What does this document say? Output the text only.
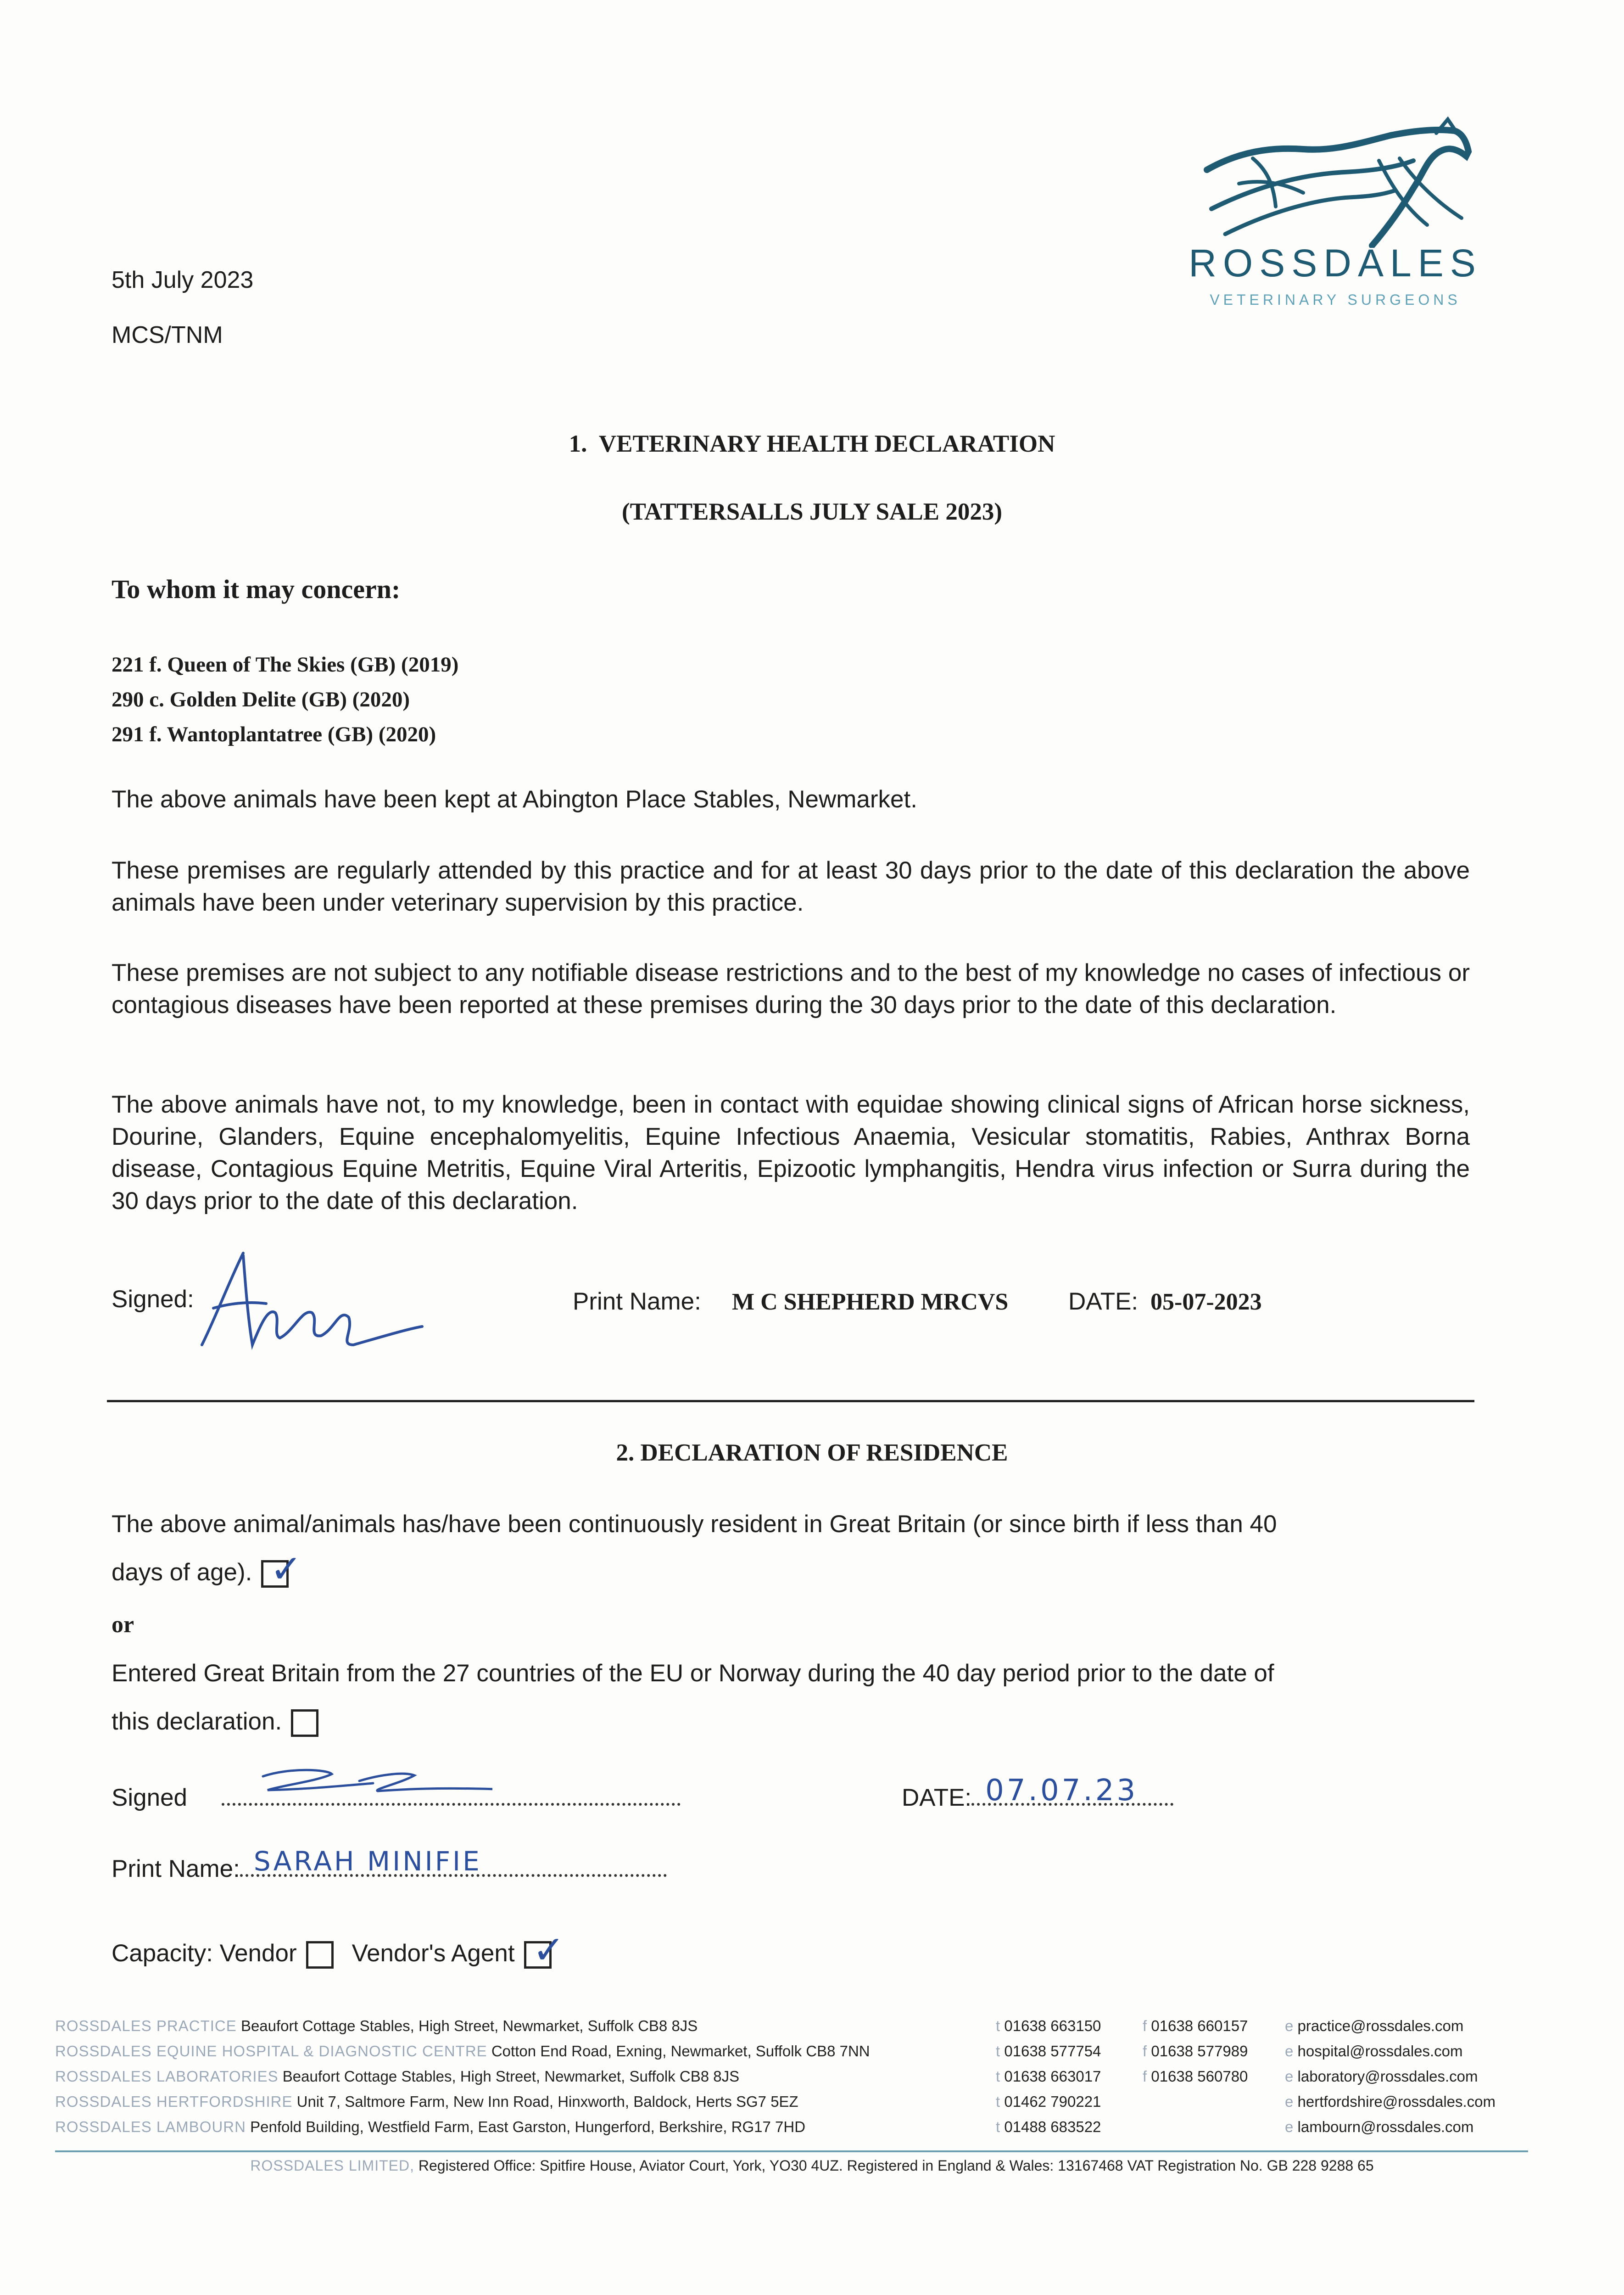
ROSSDALES
VETERINARY SURGEONS
5th July 2023
MCS/TNM
1.  VETERINARY HEALTH DECLARATION
(TATTERSALLS JULY SALE 2023)
To whom it may concern:
221 f. Queen of The Skies (GB) (2019)
290 c. Golden Delite (GB) (2020)
291 f. Wantoplantatree (GB) (2020)
The above animals have been kept at Abington Place Stables, Newmarket.
These premises are regularly attended by this practice and for at least 30 days prior to the date of this declaration the above animals have been under veterinary supervision by this practice.
These premises are not subject to any notifiable disease restrictions and to the best of my knowledge no cases of infectious or contagious diseases have been reported at these premises during the 30 days prior to the date of this declaration.
The above animals have not, to my knowledge, been in contact with equidae showing clinical signs of African horse sickness, Dourine, Glanders, Equine encephalomyelitis, Equine Infectious Anaemia, Vesicular stomatitis, Rabies, Anthrax Borna disease, Contagious Equine Metritis, Equine Viral Arteritis, Epizootic lymphangitis, Hendra virus infection or Surra during the 30 days prior to the date of this declaration.
Signed:	Print Name: M C SHEPHERD MRCVS DATE: 05-07-2023
2. DECLARATION OF RESIDENCE
The above animal/animals has/have been continuously resident in Great Britain (or since birth if less than 40
days of age). ✓
or
Entered Great Britain from the 27 countries of the EU or Norway during the 40 day period prior to the date of
this declaration.
Signed	DATE: 07.07.23
Print Name: SARAH MINIFIE
Capacity: Vendor Vendor's Agent ✓
ROSSDALES PRACTICE Beaufort Cottage Stables, High Street, Newmarket, Suffolk CB8 8JS	t 01638 663150	f 01638 660157 e practice@rossdales.com
ROSSDALES EQUINE HOSPITAL & DIAGNOSTIC CENTRE Cotton End Road, Exning, Newmarket, Suffolk CB8 7NN	t 01638 577754	f 01638 577989 e hospital@rossdales.com
ROSSDALES LABORATORIES Beaufort Cottage Stables, High Street, Newmarket, Suffolk CB8 8JS	t 01638 663017	f 01638 560780 e laboratory@rossdales.com
ROSSDALES HERTFORDSHIRE Unit 7, Saltmore Farm, New Inn Road, Hinxworth, Baldock, Herts SG7 5EZ	t 01462 790221	e hertfordshire@rossdales.com
ROSSDALES LAMBOURN Penfold Building, Westfield Farm, East Garston, Hungerford, Berkshire, RG17 7HD	t 01488 683522	e lambourn@rossdales.com
ROSSDALES LIMITED, Registered Office: Spitfire House, Aviator Court, York, YO30 4UZ. Registered in England & Wales: 13167468 VAT Registration No. GB 228 9288 65
